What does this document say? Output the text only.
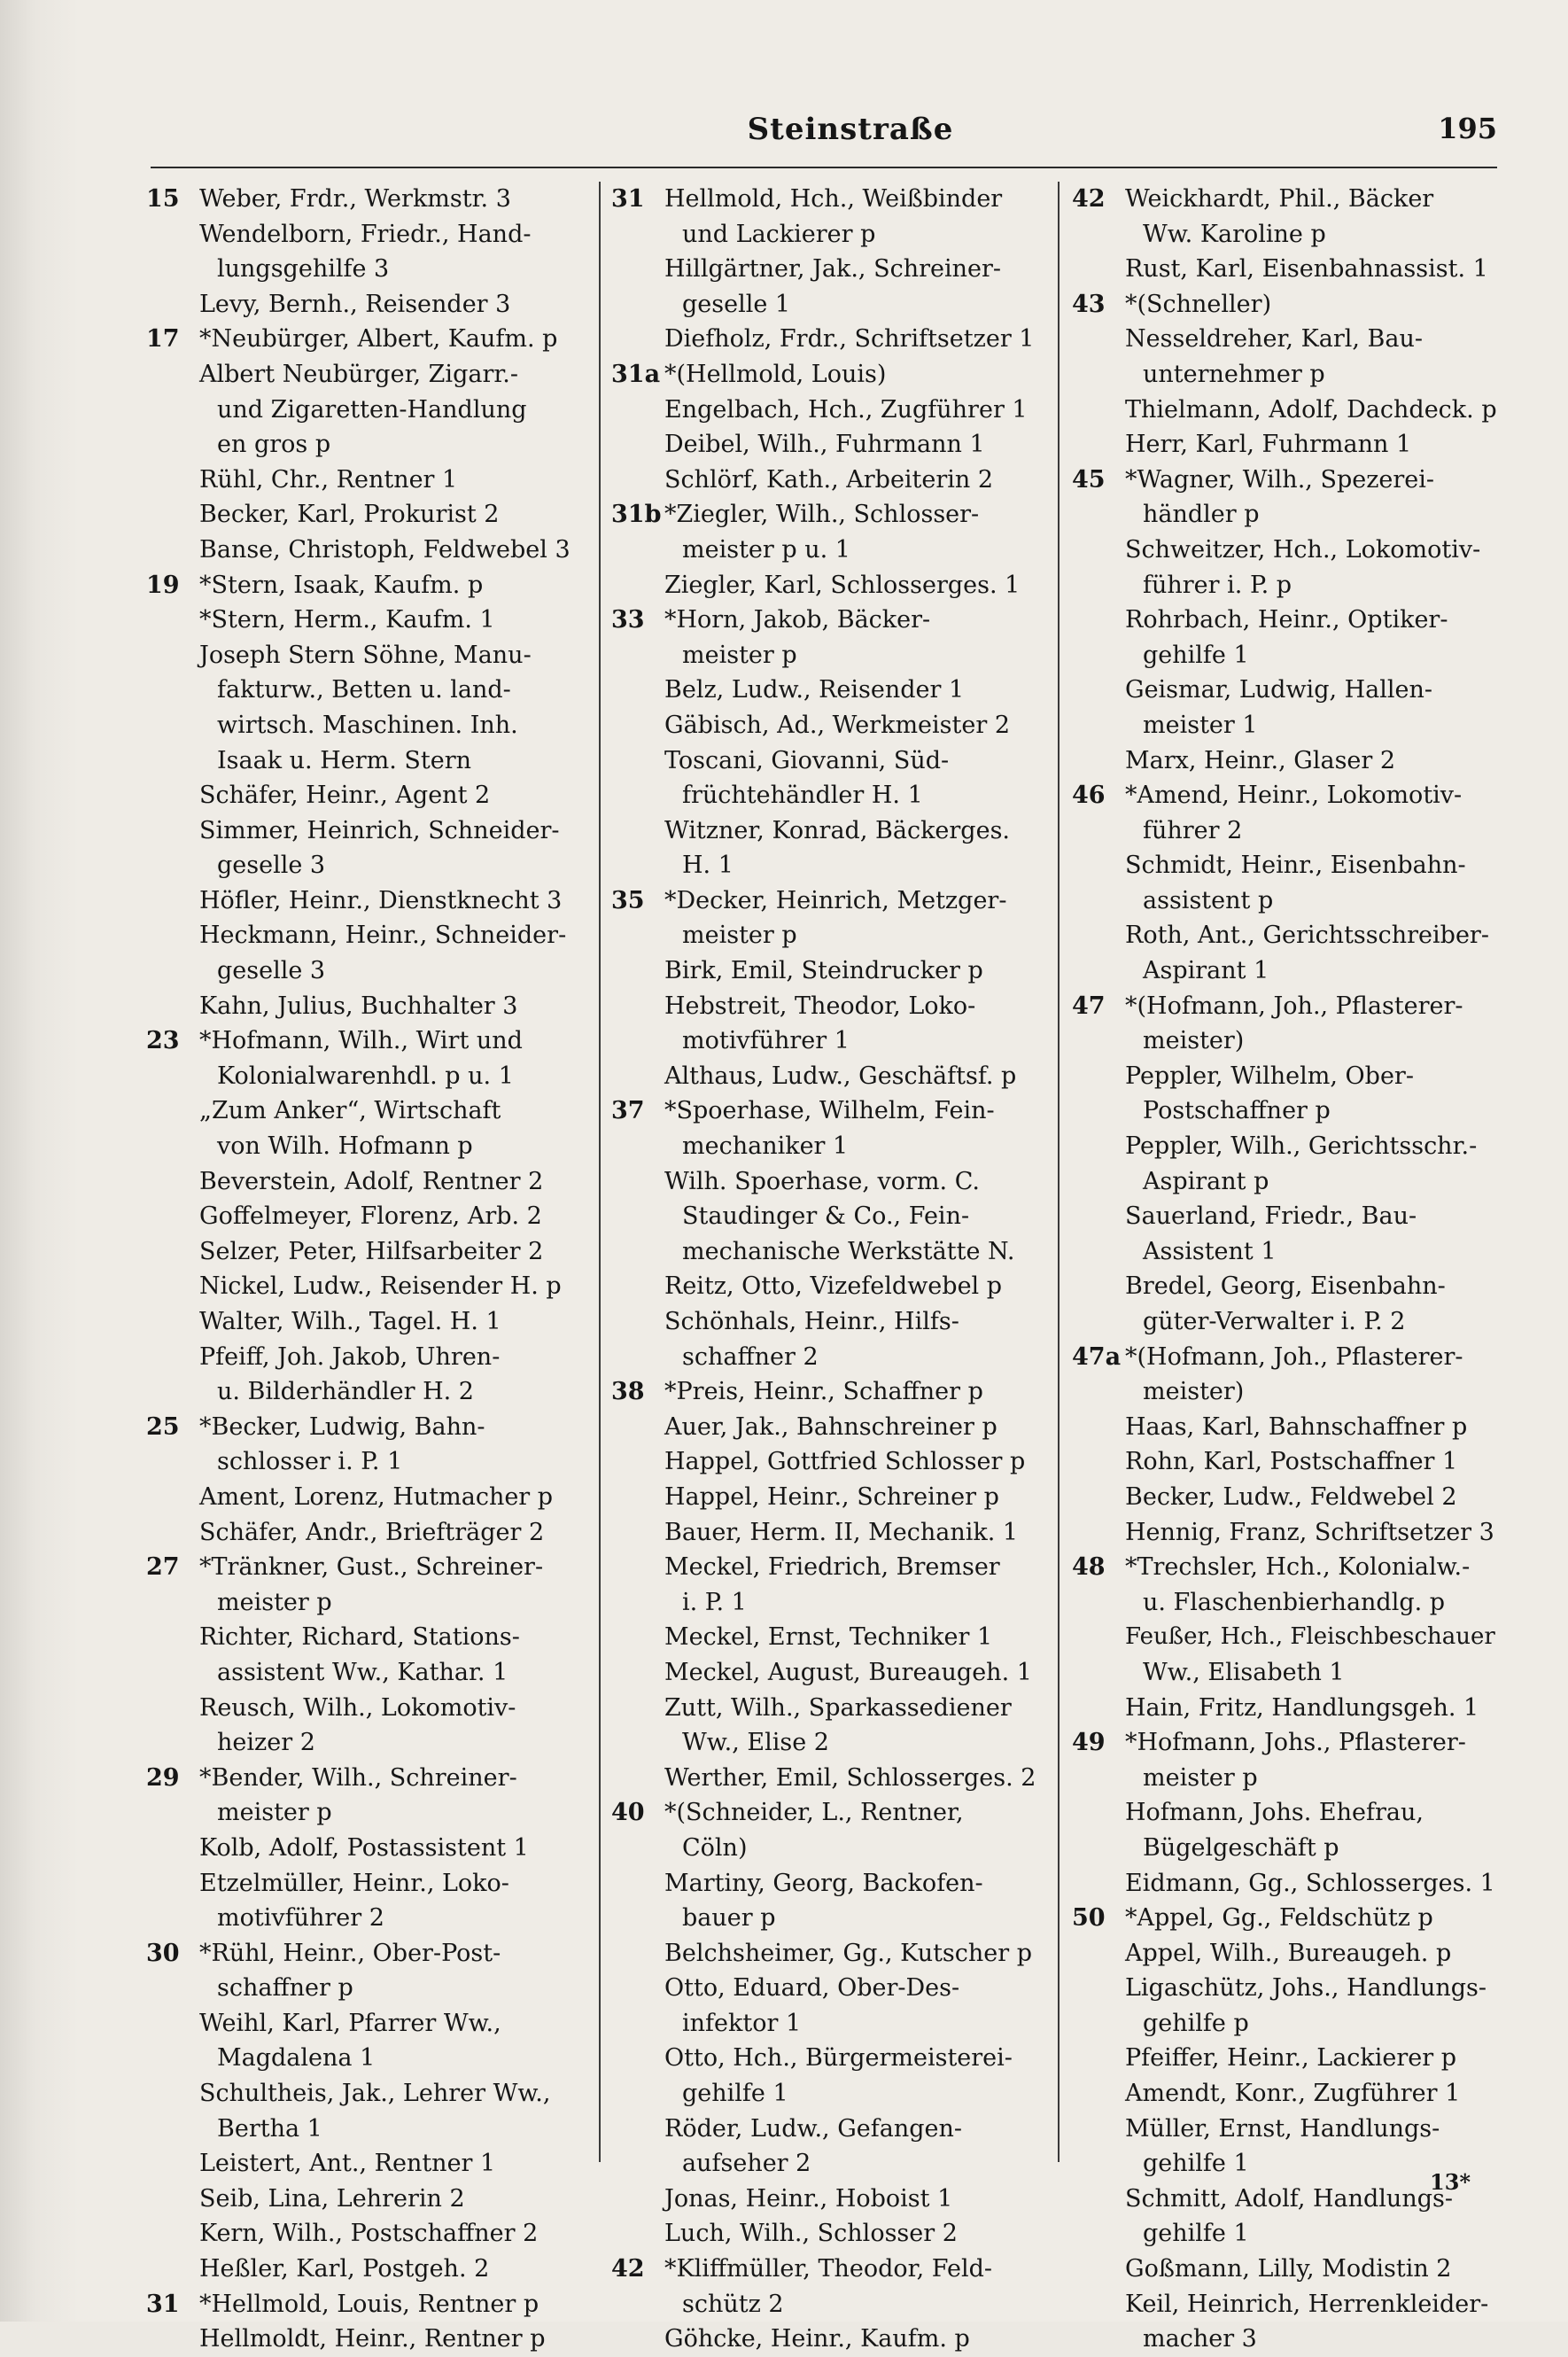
Steinstraße	195
15 Weber, Frdr., Werkmstr. 3
Wendelborn, Friedr., Hand-
lungsgehilfe 3
Levy, Bernh., Reisender 3
17 *Neubürger, Albert, Kaufm. p
Albert Neubürger, Zigarr.-
und Zigaretten-Handlung
en gros p
Rühl, Chr., Rentner 1
Becker, Karl, Prokurist 2
Banse, Christoph, Feldwebel 3
19 *Stern, Isaak, Kaufm. p
*Stern, Herm., Kaufm. 1
Joseph Stern Söhne, Manu-
fakturw., Betten u. land-
wirtsch. Maschinen. Inh.
Isaak u. Herm. Stern
Schäfer, Heinr., Agent 2
Simmer, Heinrich, Schneider-
geselle 3
Höfler, Heinr., Dienstknecht 3
Heckmann, Heinr., Schneider-
geselle 3
Kahn, Julius, Buchhalter 3
23 *Hofmann, Wilh., Wirt und
Kolonialwarenhdl. p u. 1
„Zum Anker“, Wirtschaft
von Wilh. Hofmann p
Beverstein, Adolf, Rentner 2
Goffelmeyer, Florenz, Arb. 2
Selzer, Peter, Hilfsarbeiter 2
Nickel, Ludw., Reisender H. p
Walter, Wilh., Tagel. H. 1
Pfeiff, Joh. Jakob, Uhren-
u. Bilderhändler H. 2
25 *Becker, Ludwig, Bahn-
schlosser i. P. 1
Ament, Lorenz, Hutmacher p
Schäfer, Andr., Briefträger 2
27 *Tränkner, Gust., Schreiner-
meister p
Richter, Richard, Stations-
assistent Ww., Kathar. 1
Reusch, Wilh., Lokomotiv-
heizer 2
29 *Bender, Wilh., Schreiner-
meister p
Kolb, Adolf, Postassistent 1
Etzelmüller, Heinr., Loko-
motivführer 2
30 *Rühl, Heinr., Ober-Post-
schaffner p
Weihl, Karl, Pfarrer Ww.,
Magdalena 1
Schultheis, Jak., Lehrer Ww.,
Bertha 1
Leistert, Ant., Rentner 1
Seib, Lina, Lehrerin 2
Kern, Wilh., Postschaffner 2
Heßler, Karl, Postgeh. 2
31 *Hellmold, Louis, Rentner p
Hellmoldt, Heinr., Rentner p
31 Hellmold, Hch., Weißbinder
und Lackierer p
Hillgärtner, Jak., Schreiner-
geselle 1
Diefholz, Frdr., Schriftsetzer 1
31a *(Hellmold, Louis)
Engelbach, Hch., Zugführer 1
Deibel, Wilh., Fuhrmann 1
Schlörf, Kath., Arbeiterin 2
31b *Ziegler, Wilh., Schlosser-
meister p u. 1
Ziegler, Karl, Schlosserges. 1
33 *Horn, Jakob, Bäcker-
meister p
Belz, Ludw., Reisender 1
Gäbisch, Ad., Werkmeister 2
Toscani, Giovanni, Süd-
früchtehändler H. 1
Witzner, Konrad, Bäckerges.
H. 1
35 *Decker, Heinrich, Metzger-
meister p
Birk, Emil, Steindrucker p
Hebstreit, Theodor, Loko-
motivführer 1
Althaus, Ludw., Geschäftsf. p
37 *Spoerhase, Wilhelm, Fein-
mechaniker 1
Wilh. Spoerhase, vorm. C.
Staudinger & Co., Fein-
mechanische Werkstätte N.
Reitz, Otto, Vizefeldwebel p
Schönhals, Heinr., Hilfs-
schaffner 2
38 *Preis, Heinr., Schaffner p
Auer, Jak., Bahnschreiner p
Happel, Gottfried Schlosser p
Happel, Heinr., Schreiner p
Bauer, Herm. II, Mechanik. 1
Meckel, Friedrich, Bremser
i. P. 1
Meckel, Ernst, Techniker 1
Meckel, August, Bureaugeh. 1
Zutt, Wilh., Sparkassediener
Ww., Elise 2
Werther, Emil, Schlosserges. 2
40 *(Schneider, L., Rentner,
Cöln)
Martiny, Georg, Backofen-
bauer p
Belchsheimer, Gg., Kutscher p
Otto, Eduard, Ober-Des-
infektor 1
Otto, Hch., Bürgermeisterei-
gehilfe 1
Röder, Ludw., Gefangen-
aufseher 2
Jonas, Heinr., Hoboist 1
Luch, Wilh., Schlosser 2
42 *Kliffmüller, Theodor, Feld-
schütz 2
Göhcke, Heinr., Kaufm. p
42 Weickhardt, Phil., Bäcker
Ww. Karoline p
Rust, Karl, Eisenbahnassist. 1
43 *(Schneller)
Nesseldreher, Karl, Bau-
unternehmer p
Thielmann, Adolf, Dachdeck. p
Herr, Karl, Fuhrmann 1
45 *Wagner, Wilh., Spezerei-
händler p
Schweitzer, Hch., Lokomotiv-
führer i. P. p
Rohrbach, Heinr., Optiker-
gehilfe 1
Geismar, Ludwig, Hallen-
meister 1
Marx, Heinr., Glaser 2
46 *Amend, Heinr., Lokomotiv-
führer 2
Schmidt, Heinr., Eisenbahn-
assistent p
Roth, Ant., Gerichtsschreiber-
Aspirant 1
47 *(Hofmann, Joh., Pflasterer-
meister)
Peppler, Wilhelm, Ober-
Postschaffner p
Peppler, Wilh., Gerichtsschr.-
Aspirant p
Sauerland, Friedr., Bau-
Assistent 1
Bredel, Georg, Eisenbahn-
güter-Verwalter i. P. 2
47a *(Hofmann, Joh., Pflasterer-
meister)
Haas, Karl, Bahnschaffner p
Rohn, Karl, Postschaffner 1
Becker, Ludw., Feldwebel 2
Hennig, Franz, Schriftsetzer 3
48 *Trechsler, Hch., Kolonialw.-
u. Flaschenbierhandlg. p
Feußer, Hch., Fleischbeschauer
Ww., Elisabeth 1
Hain, Fritz, Handlungsgeh. 1
49 *Hofmann, Johs., Pflasterer-
meister p
Hofmann, Johs. Ehefrau,
Bügelgeschäft p
Eidmann, Gg., Schlosserges. 1
50 *Appel, Gg., Feldschütz p
Appel, Wilh., Bureaugeh. p
Ligaschütz, Johs., Handlungs-
gehilfe p
Pfeiffer, Heinr., Lackierer p
Amendt, Konr., Zugführer 1
Müller, Ernst, Handlungs-
gehilfe 1
Schmitt, Adolf, Handlungs-
gehilfe 1
Goßmann, Lilly, Modistin 2
Keil, Heinrich, Herrenkleider-
macher 3
13*
